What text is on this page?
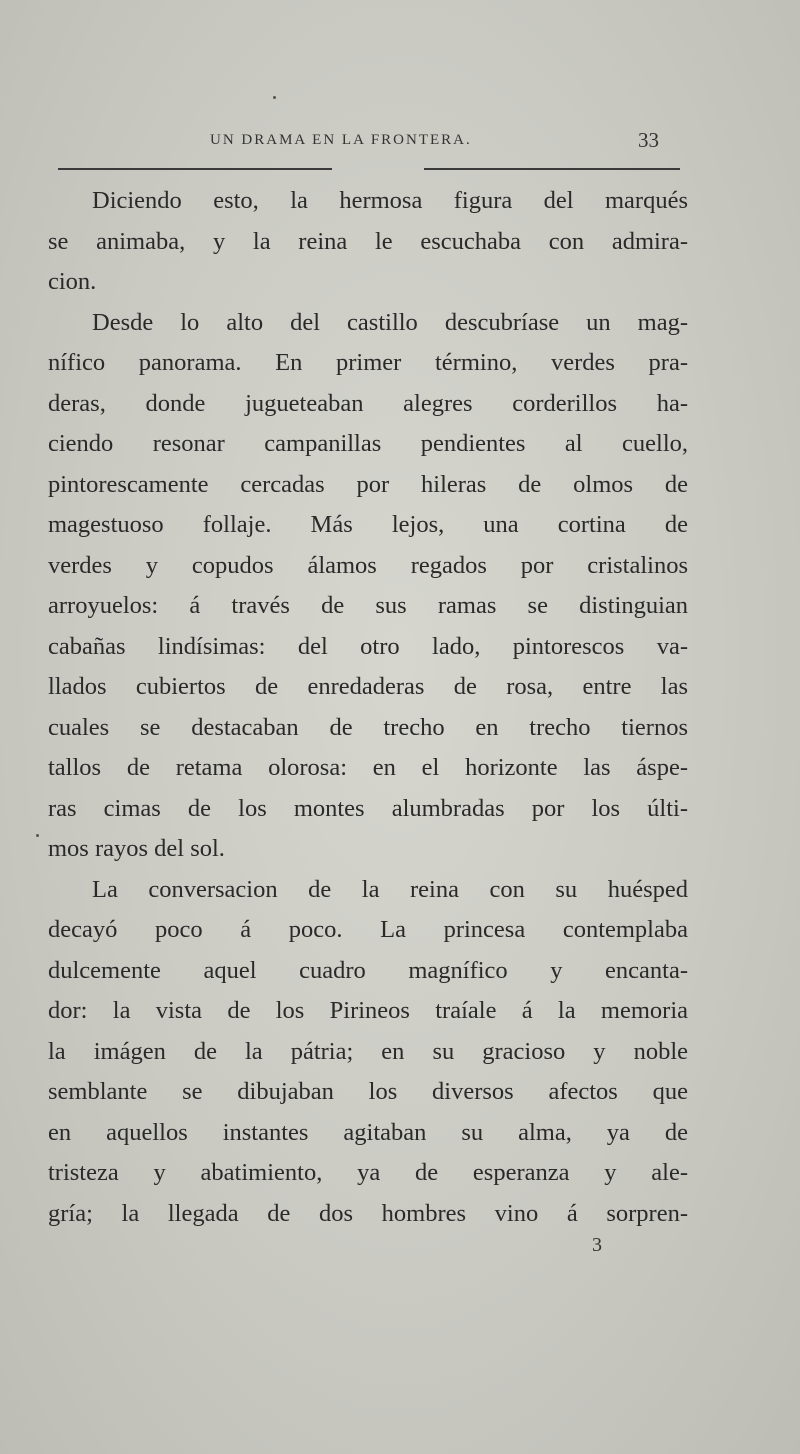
UN DRAMA EN LA FRONTERA.	33

Diciendo esto, la hermosa figura del marqués
se animaba, y la reina le escuchaba con admira-
cion.

Desde lo alto del castillo descubríase un mag-
nífico panorama. En primer término, verdes pra-
deras, donde jugueteaban alegres corderillos ha-
ciendo resonar campanillas pendientes al cuello,
pintorescamente cercadas por hileras de olmos de
magestuoso follaje. Más lejos, una cortina de
verdes y copudos álamos regados por cristalinos
arroyuelos: á través de sus ramas se distinguian
cabañas lindísimas: del otro lado, pintorescos va-
llados cubiertos de enredaderas de rosa, entre las
cuales se destacaban de trecho en trecho tiernos
tallos de retama olorosa: en el horizonte las áspe-
ras cimas de los montes alumbradas por los últi-
mos rayos del sol.

La conversacion de la reina con su huésped
decayó poco á poco. La princesa contemplaba
dulcemente aquel cuadro magnífico y encanta-
dor: la vista de los Pirineos traíale á la memoria
la imágen de la pátria; en su gracioso y noble
semblante se dibujaban los diversos afectos que
en aquellos instantes agitaban su alma, ya de
tristeza y abatimiento, ya de esperanza y ale-
gría; la llegada de dos hombres vino á sorpren-

3
